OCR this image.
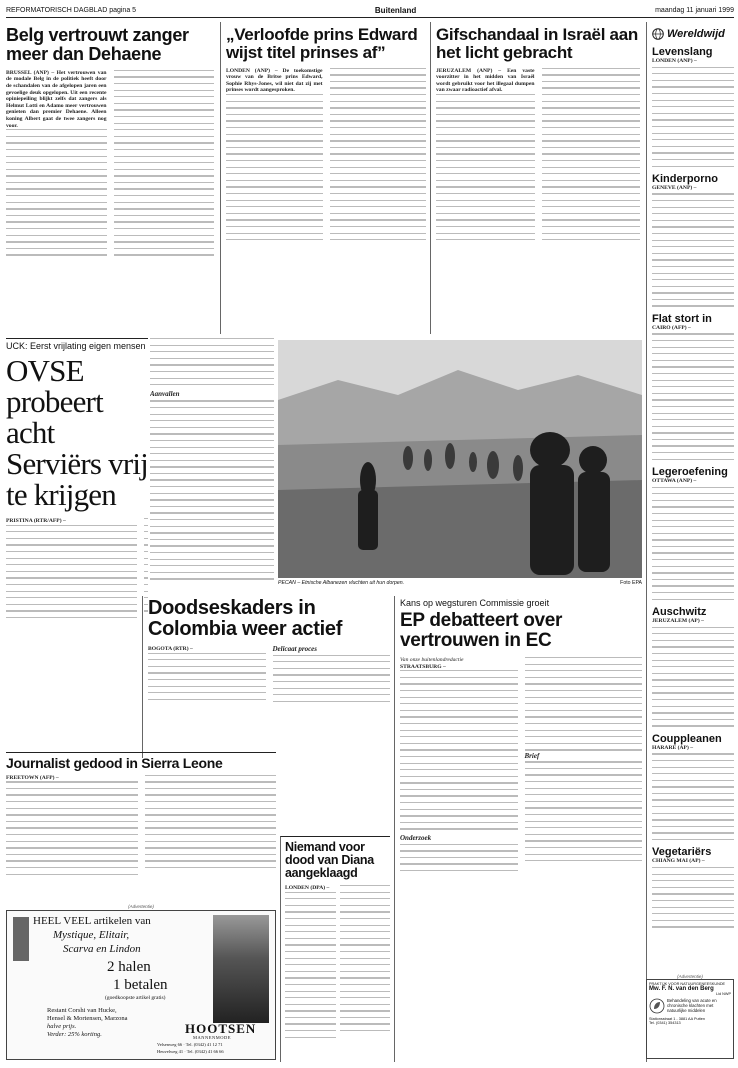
REFORMATORISCH DAGBLAD pagina 5	Buitenland	maandag 11 januari 1999
Belg vertrouwt zanger meer dan Dehaene

BRUSSEL (ANP) – Het vertrouwen van de modale Belg in de politiek heeft door de schandalen van de afgelopen jaren een gevoelige deuk opgelopen. Uit een recente opiniepeiling blijkt zelfs dat zangers als Helmut Lotti en Adamo meer vertrouwen genieten dan premier Dehaene. Alleen koning Albert gaat de twee zangers nog voor.

„Verloofde prins Edward wijst titel prinses af”

LONDEN (ANP) – De toekomstige vrouw van de Britse prins Edward, Sophie Rhys-Jones, wil niet dat zij met prinses wordt aangesproken.

Gifschandaal in Israël aan het licht gebracht

JERUZALEM (ANP) – Een vaste voorzitter in het midden van Israël wordt gebruikt voor het illegaal dumpen van zwaar radioactief afval.

Wereldwijd
Levenslang
LONDEN (ANP) –
Kinderporno
GENEVE (ANP) –
Flat stort in
CAIRO (AFP) –
Legeroefening
OTTAWA (ANP) –
Auschwitz
JERUZALEM (AP) –
Couppleanen
HARARE (AP) –
Vegetariërs
CHIANG MAI (AP) –
UCK: Eerst vrijlating eigen mensen
OVSE probeert acht Serviërs vrij te krijgen

PRISTINA (RTR/AFP) –

Aanvallen
PECAN – Etnische Albanezen vluchten uit hun dorpen.	Foto EPA
Doodseskaders in Colombia weer actief

BOGOTA (RTR) –	Delicaat proces
Kans op wegsturen Commissie groeit
EP debatteert over vertrouwen in EC

Van onze buitenlandredactie

STRAATSBURG –

Onderzoek
Brief
Journalist gedood in Sierra Leone

FREETOWN (AFP) –

Niemand voor dood van Diana aangeklaagd

LONDEN (DPA) –

(Advertentie)
HEEL VEEL artikelen van
Mystique, Elitair,
Scarva en Lindon
2 halen
1 betalen
(goedkoopste artikel gratis)
Restant Corshi van Hucke,
Hensel & Mortensen, Marzona
halve prijs.
Verder: 25% korting.	HOOTSEN
MANNENMODE
Velsenweg 66 · Tel. (0342) 41 12 71
Heuvelweg 41 · Tel. (0342) 41 66 66
(Advertentie)
PRAKTIJK VOOR NATUURGENEESKUNDE
Mw. F. N. van den Berg
Lid NWP
Behandeling van acute en
chronische klachten met
natuurlijke middelen
Stationsstraat 1 - 3881 AA Putten
Tel. (0341) 354313
